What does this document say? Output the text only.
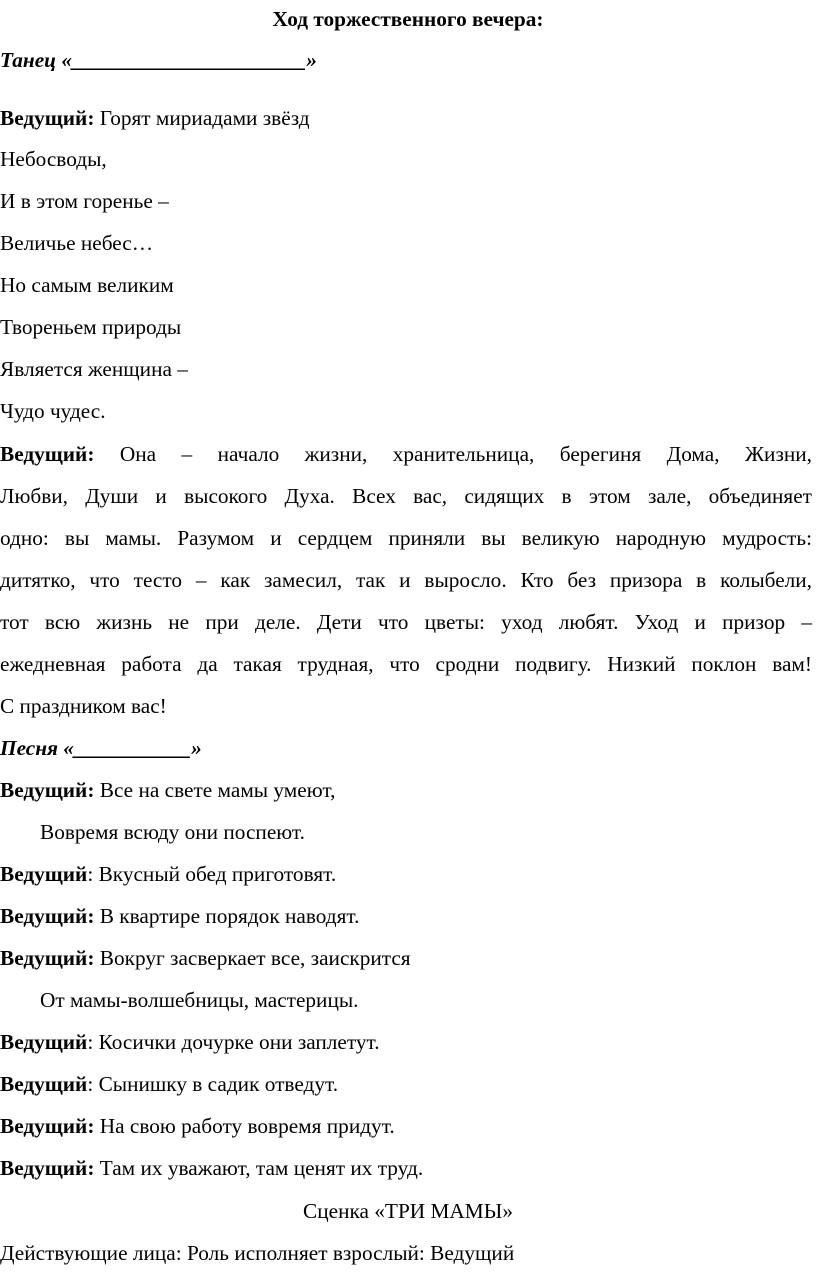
Ход торжественного вечера:
Танец «______________________»
Ведущий: Горят мириадами звёзд
Небосводы,
И в этом горенье –
Величье небес…
Но самым великим
Твореньем природы
Является женщина –
Чудо чудес.
Ведущий: Она – начало жизни, хранительница, берегиня Дома, Жизни,
Любви, Души и высокого Духа. Всех вас, сидящих в этом зале, объединяет
одно: вы мамы. Разумом и сердцем приняли вы великую народную мудрость:
дитятко, что тесто – как замесил, так и выросло. Кто без призора в колыбели,
тот всю жизнь не при деле. Дети что цветы: уход любят. Уход и призор –
ежедневная работа да такая трудная, что сродни подвигу. Низкий поклон вам!
С праздником вас!
Песня «___________»
Ведущий: Все на свете мамы умеют,
Вовремя всюду они поспеют.
Ведущий: Вкусный обед приготовят.
Ведущий: В квартире порядок наводят.
Ведущий: Вокруг засверкает все, заискрится
От мамы-волшебницы, мастерицы.
Ведущий: Косички дочурке они заплетут.
Ведущий: Сынишку в садик отведут.
Ведущий: На свою работу вовремя придут.
Ведущий: Там их уважают, там ценят их труд.
Сценка «ТРИ МАМЫ»
Действующие лица: Роль исполняет взрослый: Ведущий
